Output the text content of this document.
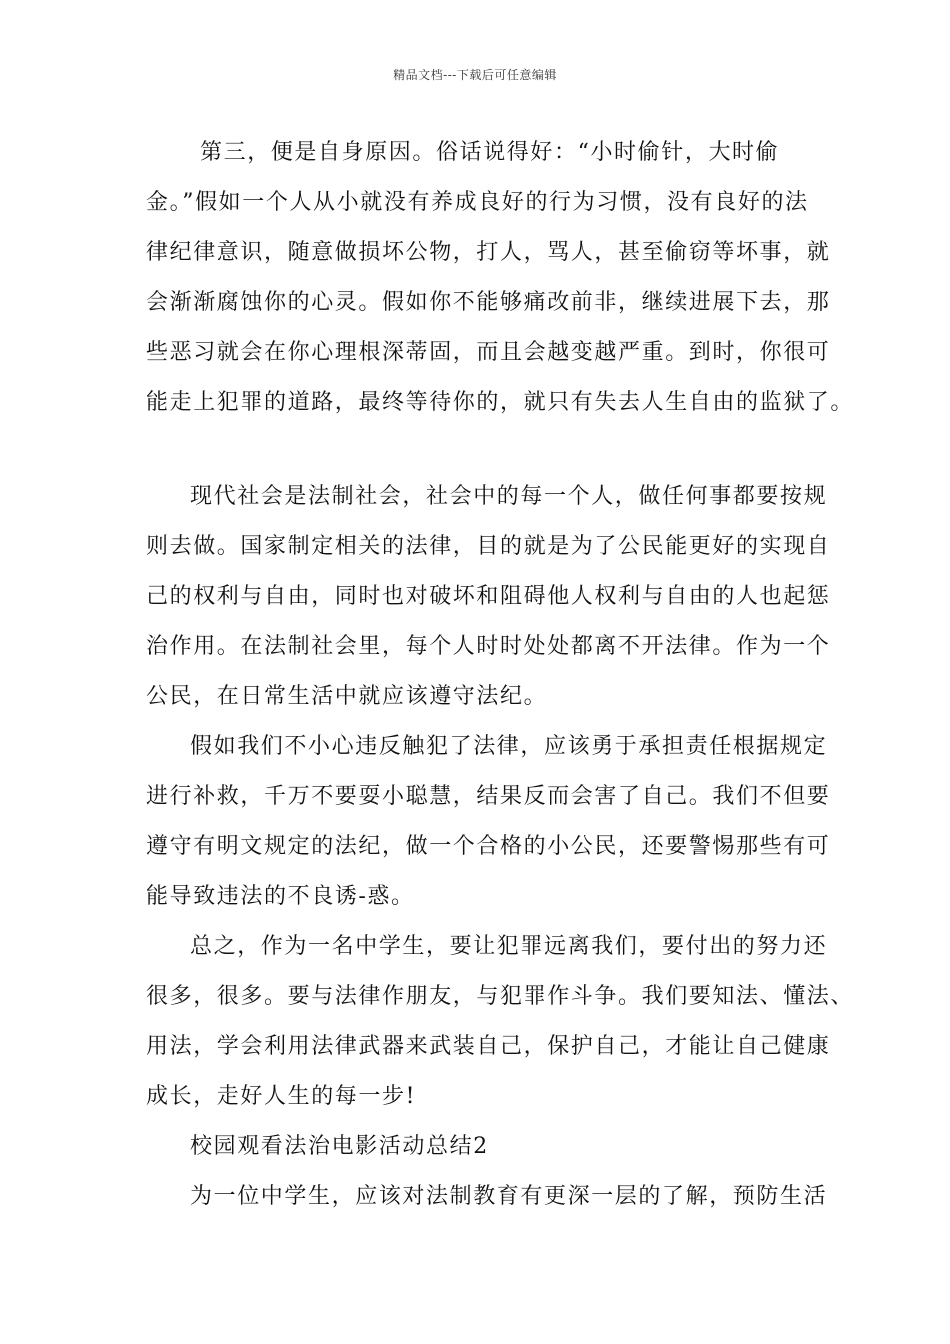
精品文档---下载后可任意编辑
第三，便是自身原因。俗话说得好：“小时偷针，大时偷
金。”假如一个人从小就没有养成良好的行为习惯，没有良好的法
律纪律意识，随意做损坏公物，打人，骂人，甚至偷窃等坏事，就
会渐渐腐蚀你的心灵。假如你不能够痛改前非，继续进展下去，那
些恶习就会在你心理根深蒂固，而且会越变越严重。到时，你很可
能走上犯罪的道路，最终等待你的，就只有失去人生自由的监狱了。
现代社会是法制社会，社会中的每一个人，做任何事都要按规
则去做。国家制定相关的法律，目的就是为了公民能更好的实现自
己的权利与自由，同时也对破坏和阻碍他人权利与自由的人也起惩
治作用。在法制社会里，每个人时时处处都离不开法律。作为一个
公民，在日常生活中就应该遵守法纪。
假如我们不小心违反触犯了法律，应该勇于承担责任根据规定
进行补救，千万不要耍小聪慧，结果反而会害了自己。我们不但要
遵守有明文规定的法纪，做一个合格的小公民，还要警惕那些有可
能导致违法的不良诱-惑。
总之，作为一名中学生，要让犯罪远离我们，要付出的努力还
很多，很多。要与法律作朋友，与犯罪作斗争。我们要知法、懂法、
用法，学会利用法律武器来武装自己，保护自己，才能让自己健康
成长，走好人生的每一步!
校园观看法治电影活动总结2
为一位中学生，应该对法制教育有更深一层的了解，预防生活
